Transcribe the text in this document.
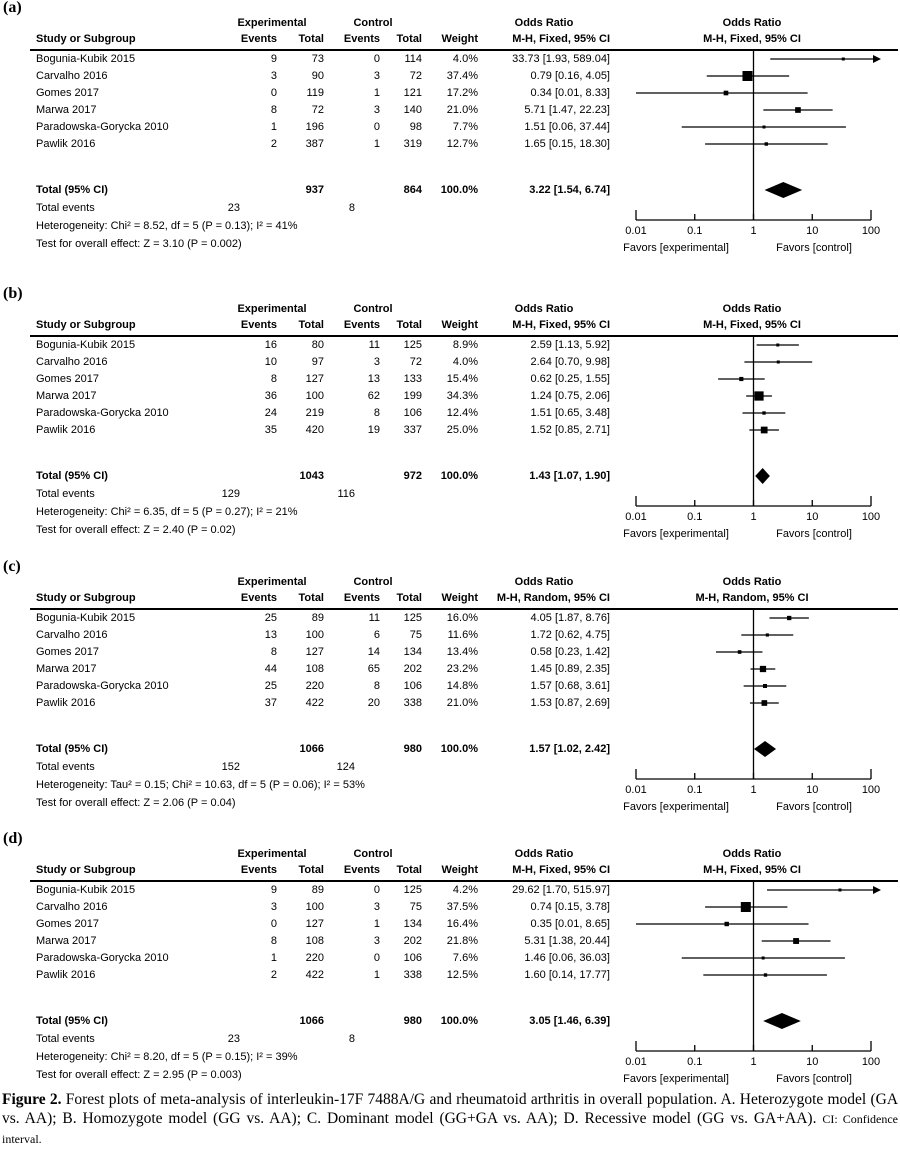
(a)
Experimental	Control	Odds Ratio	Odds Ratio
Study or Subgroup	Events	Total	Events	Total	Weight	M-H, Fixed, 95% CI	M-H, Fixed, 95% CI
Bogunia-Kubik 2015	9	73	0	114	4.0%	33.73 [1.93, 589.04]
Carvalho 2016	3	90	3	72	37.4%	0.79 [0.16, 4.05]
Gomes 2017	0	119	1	121	17.2%	0.34 [0.01, 8.33]
Marwa 2017	8	72	3	140	21.0%	5.71 [1.47, 22.23]
Paradowska-Gorycka 2010	1	196	0	98	7.7%	1.51 [0.06, 37.44]
Pawlik 2016	2	387	1	319	12.7%	1.65 [0.15, 18.30]
Total (95% CI)	937	864	100.0%	3.22 [1.54, 6.74]
Total events	23	8
Heterogeneity: Chi² = 8.52, df = 5 (P = 0.13); I² = 41%
Test for overall effect: Z = 3.10 (P = 0.002)
0.01	0.1	1	10	100
Favors [experimental]	Favors [control]
(b)
Experimental	Control	Odds Ratio	Odds Ratio
Study or Subgroup	Events	Total	Events	Total	Weight	M-H, Fixed, 95% CI	M-H, Fixed, 95% CI
Bogunia-Kubik 2015	16	80	11	125	8.9%	2.59 [1.13, 5.92]
Carvalho 2016	10	97	3	72	4.0%	2.64 [0.70, 9.98]
Gomes 2017	8	127	13	133	15.4%	0.62 [0.25, 1.55]
Marwa 2017	36	100	62	199	34.3%	1.24 [0.75, 2.06]
Paradowska-Gorycka 2010	24	219	8	106	12.4%	1.51 [0.65, 3.48]
Pawlik 2016	35	420	19	337	25.0%	1.52 [0.85, 2.71]
Total (95% CI)	1043	972	100.0%	1.43 [1.07, 1.90]
Total events	129	116
Heterogeneity: Chi² = 6.35, df = 5 (P = 0.27); I² = 21%
Test for overall effect: Z = 2.40 (P = 0.02)
0.01	0.1	1	10	100
Favors [experimental]	Favors [control]
(c)
Experimental	Control	Odds Ratio	Odds Ratio
Study or Subgroup	Events	Total	Events	Total	Weight	M-H, Random, 95% CI	M-H, Random, 95% CI
Bogunia-Kubik 2015	25	89	11	125	16.0%	4.05 [1.87, 8.76]
Carvalho 2016	13	100	6	75	11.6%	1.72 [0.62, 4.75]
Gomes 2017	8	127	14	134	13.4%	0.58 [0.23, 1.42]
Marwa 2017	44	108	65	202	23.2%	1.45 [0.89, 2.35]
Paradowska-Gorycka 2010	25	220	8	106	14.8%	1.57 [0.68, 3.61]
Pawlik 2016	37	422	20	338	21.0%	1.53 [0.87, 2.69]
Total (95% CI)	1066	980	100.0%	1.57 [1.02, 2.42]
Total events	152	124
Heterogeneity: Tau² = 0.15; Chi² = 10.63, df = 5 (P = 0.06); I² = 53%
Test for overall effect: Z = 2.06 (P = 0.04)
0.01	0.1	1	10	100
Favors [experimental]	Favors [control]
(d)
Experimental	Control	Odds Ratio	Odds Ratio
Study or Subgroup	Events	Total	Events	Total	Weight	M-H, Fixed, 95% CI	M-H, Fixed, 95% CI
Bogunia-Kubik 2015	9	89	0	125	4.2%	29.62 [1.70, 515.97]
Carvalho 2016	3	100	3	75	37.5%	0.74 [0.15, 3.78]
Gomes 2017	0	127	1	134	16.4%	0.35 [0.01, 8.65]
Marwa 2017	8	108	3	202	21.8%	5.31 [1.38, 20.44]
Paradowska-Gorycka 2010	1	220	0	106	7.6%	1.46 [0.06, 36.03]
Pawlik 2016	2	422	1	338	12.5%	1.60 [0.14, 17.77]
Total (95% CI)	1066	980	100.0%	3.05 [1.46, 6.39]
Total events	23	8
Heterogeneity: Chi² = 8.20, df = 5 (P = 0.15); I² = 39%
Test for overall effect: Z = 2.95 (P = 0.003)
0.01	0.1	1	10	100
Favors [experimental]	Favors [control]

Figure 2. Forest plots of meta-analysis of interleukin-17F 7488A/G and rheumatoid arthritis in overall population. A. Heterozygote model (GA vs. AA); B. Homozygote model (GG vs. AA); C. Dominant model (GG+GA vs. AA); D. Recessive model (GG vs. GA+AA). CI: Confidence interval.
